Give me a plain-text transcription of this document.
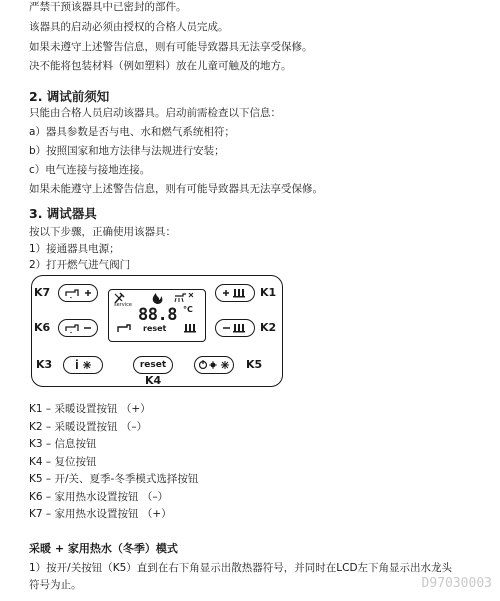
严禁干预该器具中已密封的部件。
该器具的启动必须由授权的合格人员完成。
如果未遵守上述警告信息，则有可能导致器具无法享受保修。
决不能将包装材料（例如塑料）放在儿童可触及的地方。
2. 调试前须知
只能由合格人员启动该器具。启动前需检查以下信息：
a）器具参数是否与电、水和燃气系统相符；
b）按照国家和地方法律与法规进行安装；
c）电气连接与接地连接。
如果未能遵守上述警告信息，则有可能导致器具无法享受保修。
3. 调试器具
按以下步骤，正确使用该器具：
1）接通器具电源；
2）打开燃气进气阀门
K7
K6
K3	reset
K4
K5
K1
K2
service 88.8 °C
reset
K1 – 采暖设置按钮 （+）
K2 – 采暖设置按钮 （–）
K3 – 信息按钮
K4 – 复位按钮
K5 – 开/关、夏季-冬季模式选择按钮
K6 – 家用热水设置按钮 （–）
K7 – 家用热水设置按钮 （+）
采暖 + 家用热水（冬季）模式
1）按开/关按钮（K5）直到在右下角显示出散热器符号，并同时在LCD左下角显示出水龙头
符号为止。	D97030003
